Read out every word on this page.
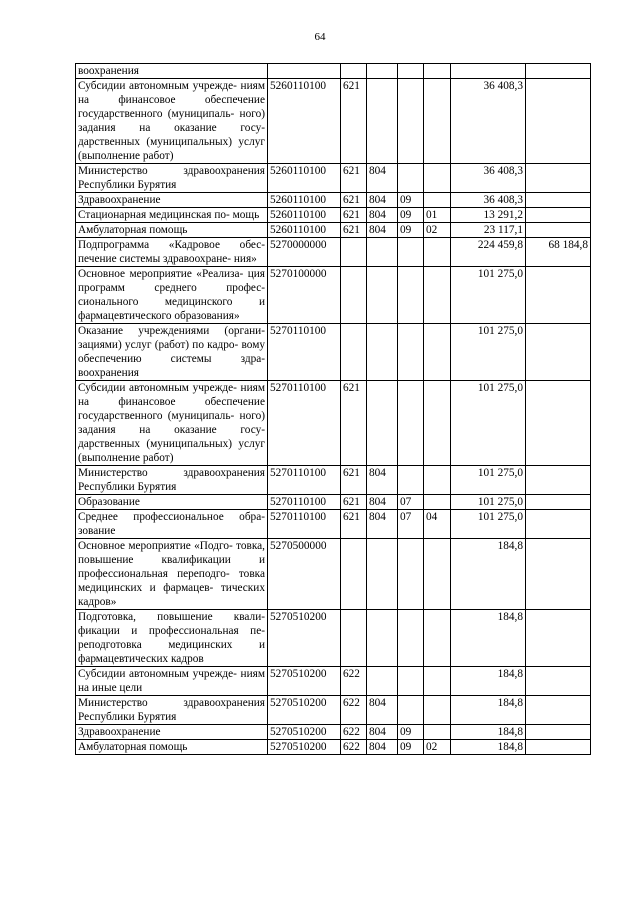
64
воохранения							
Субсидии автономным учрежде- ниям на финансовое обеспечение государственного (муниципаль- ного) задания на оказание госу- дарственных (муниципальных) услуг (выполнение работ)	5260110100	621				36 408,3	
Министерство здравоохранения Республики Бурятия	5260110100	621	804			36 408,3	
Здравоохранение	5260110100	621	804	09		36 408,3	
Стационарная медицинская по- мощь	5260110100	621	804	09	01	13 291,2	
Амбулаторная помощь	5260110100	621	804	09	02	23 117,1	
Подпрограмма «Кадровое обес- печение системы здравоохране- ния»	5270000000					224 459,8	68 184,8
Основное мероприятие «Реализа- ция программ среднего профес- сионального медицинского и фармацевтического образования»	5270100000					101 275,0	
Оказание учреждениями (органи- зациями) услуг (работ) по кадро- вому обеспечению системы здра- воохранения	5270110100					101 275,0	
Субсидии автономным учрежде- ниям на финансовое обеспечение государственного (муниципаль- ного) задания на оказание госу- дарственных (муниципальных) услуг (выполнение работ)	5270110100	621				101 275,0	
Министерство здравоохранения Республики Бурятия	5270110100	621	804			101 275,0	
Образование	5270110100	621	804	07		101 275,0	
Среднее профессиональное обра- зование	5270110100	621	804	07	04	101 275,0	
Основное мероприятие «Подго- товка, повышение квалификации и профессиональная переподго- товка медицинских и фармацев- тических кадров»	5270500000					184,8	
Подготовка, повышение квали- фикации и профессиональная пе- реподготовка медицинских и фармацевтических кадров	5270510200					184,8	
Субсидии автономным учрежде- ниям на иные цели	5270510200	622				184,8	
Министерство здравоохранения Республики Бурятия	5270510200	622	804			184,8	
Здравоохранение	5270510200	622	804	09		184,8	
Амбулаторная помощь	5270510200	622	804	09	02	184,8	
